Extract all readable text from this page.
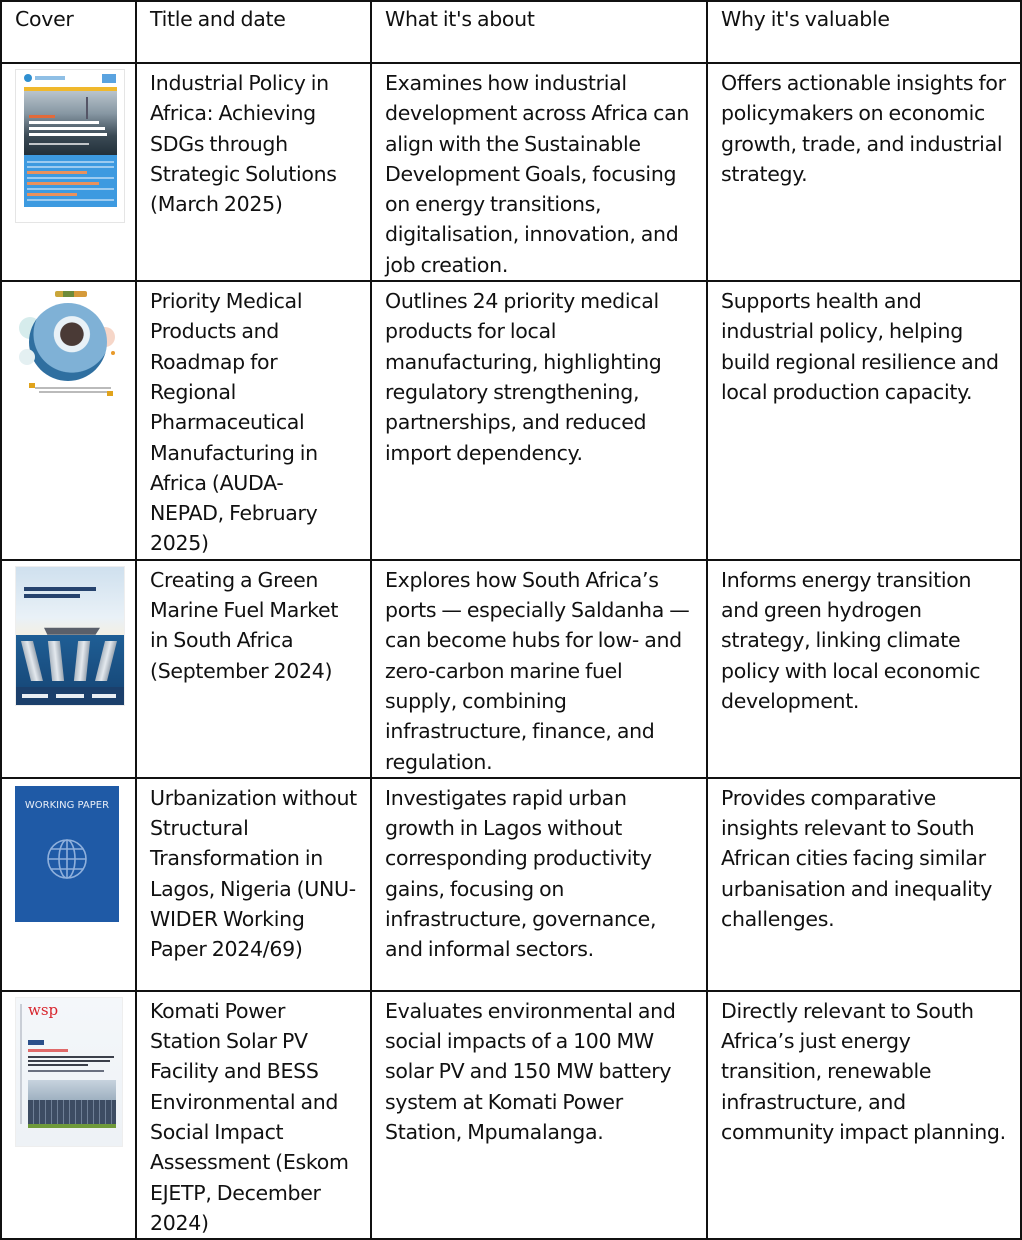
Cover	Title and date	What it's about	Why it's valuable

	Industrial Policy in Africa: Achieving SDGs through Strategic Solutions (March 2025)	Examines how industrial development across Africa can align with the Sustainable Development Goals, focusing on energy transitions, digitalisation, innovation, and job creation.	Offers actionable insights for policymakers on economic growth, trade, and industrial strategy.

	Priority Medical Products and Roadmap for Regional Pharmaceutical Manufacturing in Africa (AUDA-NEPAD, February 2025)	Outlines 24 priority medical products for local manufacturing, highlighting regulatory strengthening, partnerships, and reduced import dependency.	Supports health and industrial policy, helping build regional resilience and local production capacity.

	Creating a Green Marine Fuel Market in South Africa (September 2024)	Explores how South Africa’s ports — especially Saldanha — can become hubs for low- and zero-carbon marine fuel supply, combining infrastructure, finance, and regulation.	Informs energy transition and green hydrogen strategy, linking climate policy with local economic development.

WORKING PAPER	Urbanization without Structural Transformation in Lagos, Nigeria (UNU-WIDER Working Paper 2024/69)	Investigates rapid urban growth in Lagos without corresponding productivity gains, focusing on infrastructure, governance, and informal sectors.	Provides comparative insights relevant to South African cities facing similar urbanisation and inequality challenges.

wsp	Komati Power Station Solar PV Facility and BESS Environmental and Social Impact Assessment (Eskom EJETP, December 2024)	Evaluates environmental and social impacts of a 100 MW solar PV and 150 MW battery system at Komati Power Station, Mpumalanga.	Directly relevant to South Africa’s just energy transition, renewable infrastructure, and community impact planning.
